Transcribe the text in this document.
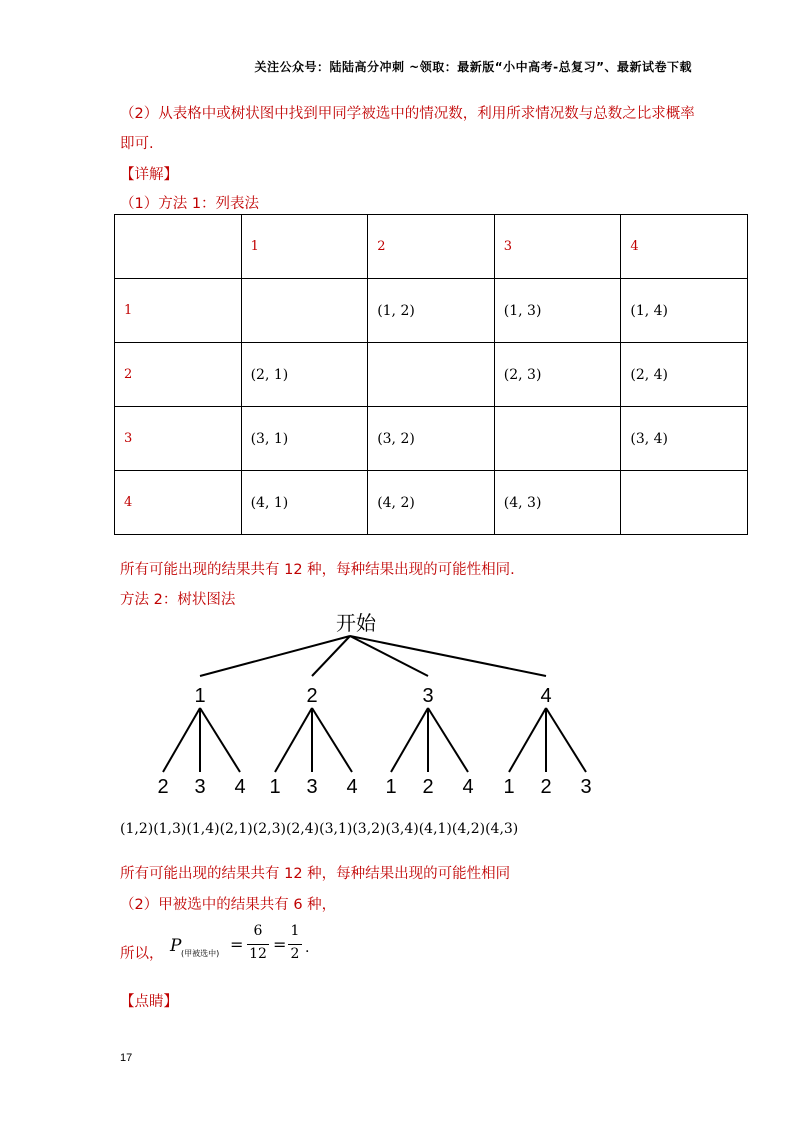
关注公众号：陆陆高分冲刺 ~领取：最新版“小中高考-总复习”、最新试卷下载
（2）从表格中或树状图中找到甲同学被选中的情况数，利用所求情况数与总数之比求概率
即可.
【详解】
（1）方法 1：列表法
	1	2	3	4
1		(1, 2)	(1, 3)	(1, 4)
2	(2, 1)		(2, 3)	(2, 4)
3	(3, 1)	(3, 2)		(3, 4)
4	(4, 1)	(4, 2)	(4, 3)	
所有可能出现的结果共有 12 种，每种结果出现的可能性相同.
方法 2：树状图法
开始
1
2 3 4
2
1 3 4
3
1 2 4
4
1 2 3
(1,2)(1,3)(1,4)(2,1)(2,3)(2,4)(3,1)(3,2)(3,4)(4,1)(4,2)(4,3)
所有可能出现的结果共有 12 种，每种结果出现的可能性相同
（2）甲被选中的结果共有 6 种，
所以， P (甲被选中) =
6
12 =
1
2 .
【点睛】
17
